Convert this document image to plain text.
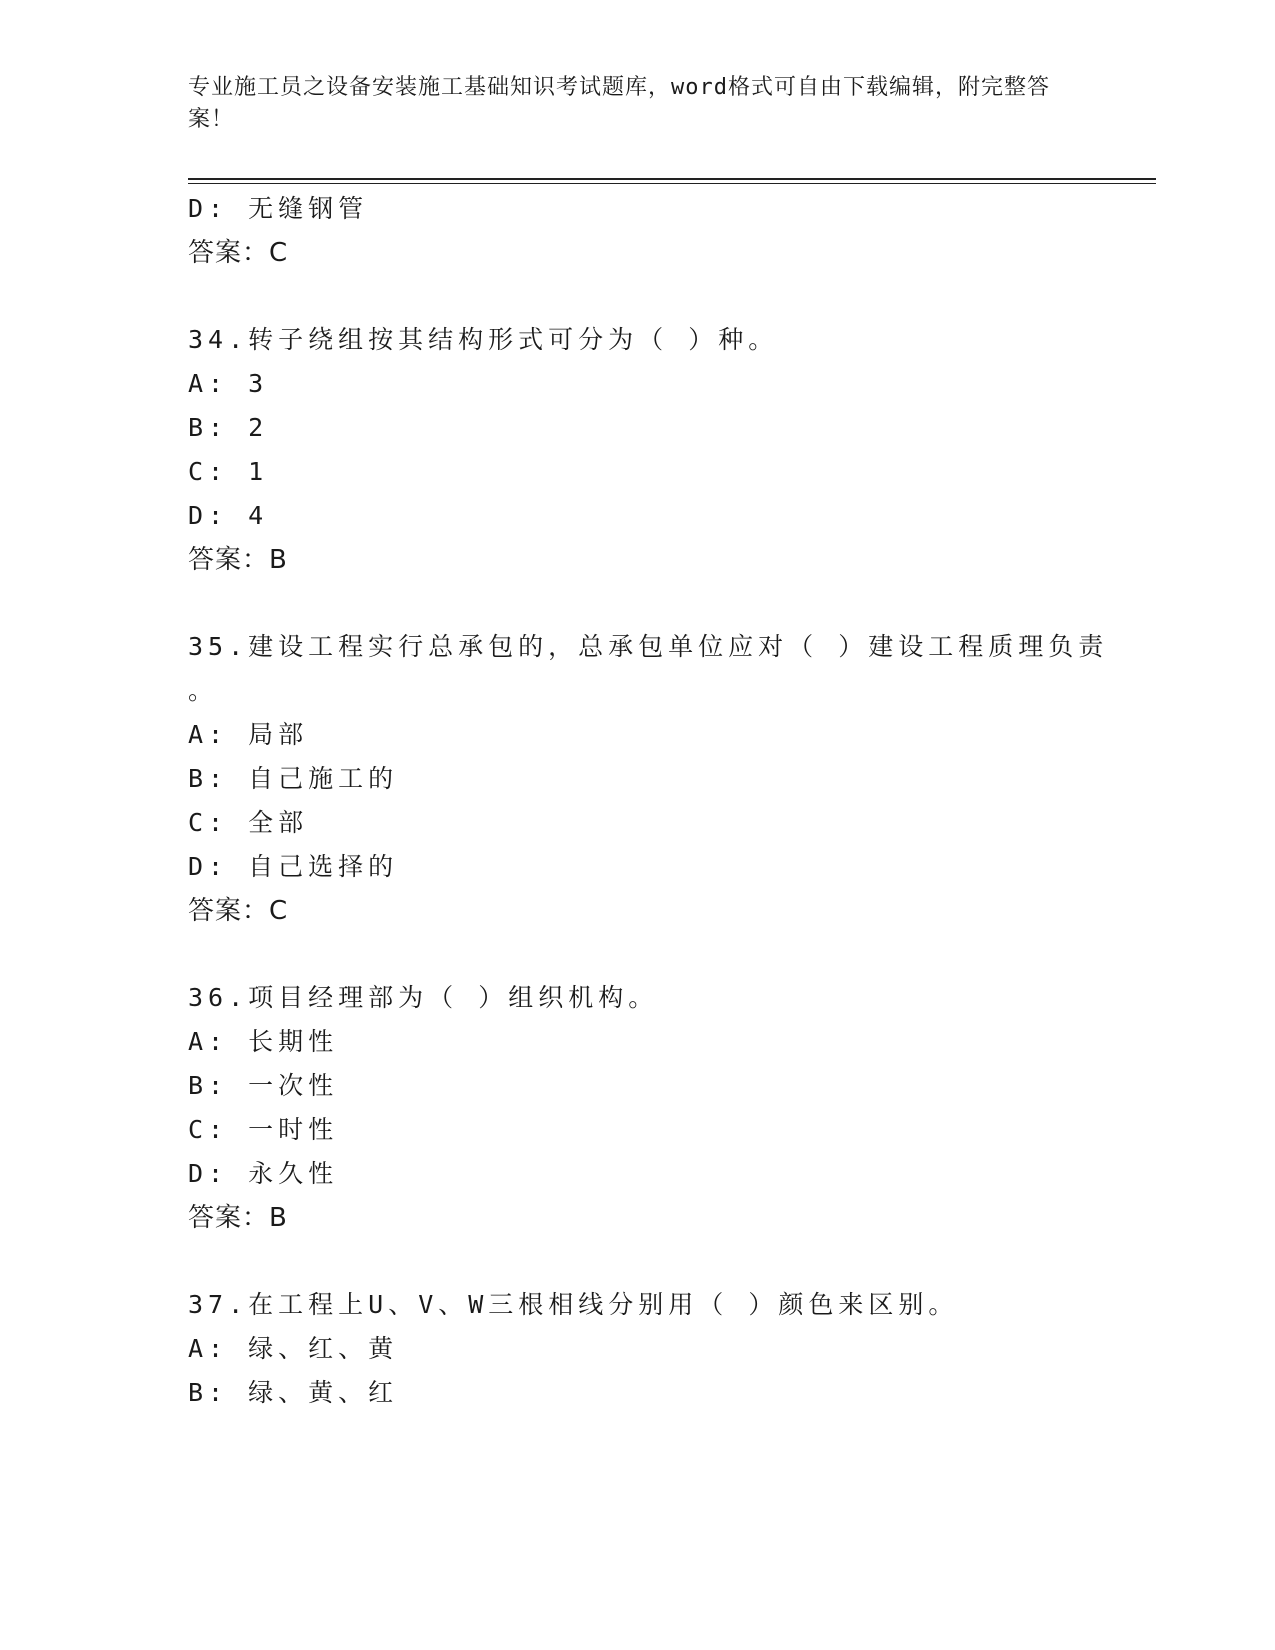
专业施工员之设备安装施工基础知识考试题库，word格式可自由下载编辑，附完整答案！
D: 无缝钢管
答案：C
34.转子绕组按其结构形式可分为（ ）种。
A: 3
B: 2
C: 1
D: 4
答案：B
35.建设工程实行总承包的，总承包单位应对（ ）建设工程质理负责
。
A: 局部
B: 自己施工的
C: 全部
D: 自己选择的
答案：C
36.项目经理部为（ ）组织机构。
A: 长期性
B: 一次性
C: 一时性
D: 永久性
答案：B
37.在工程上U、V、W三根相线分别用（ ）颜色来区别。
A: 绿、红、黄
B: 绿、黄、红
